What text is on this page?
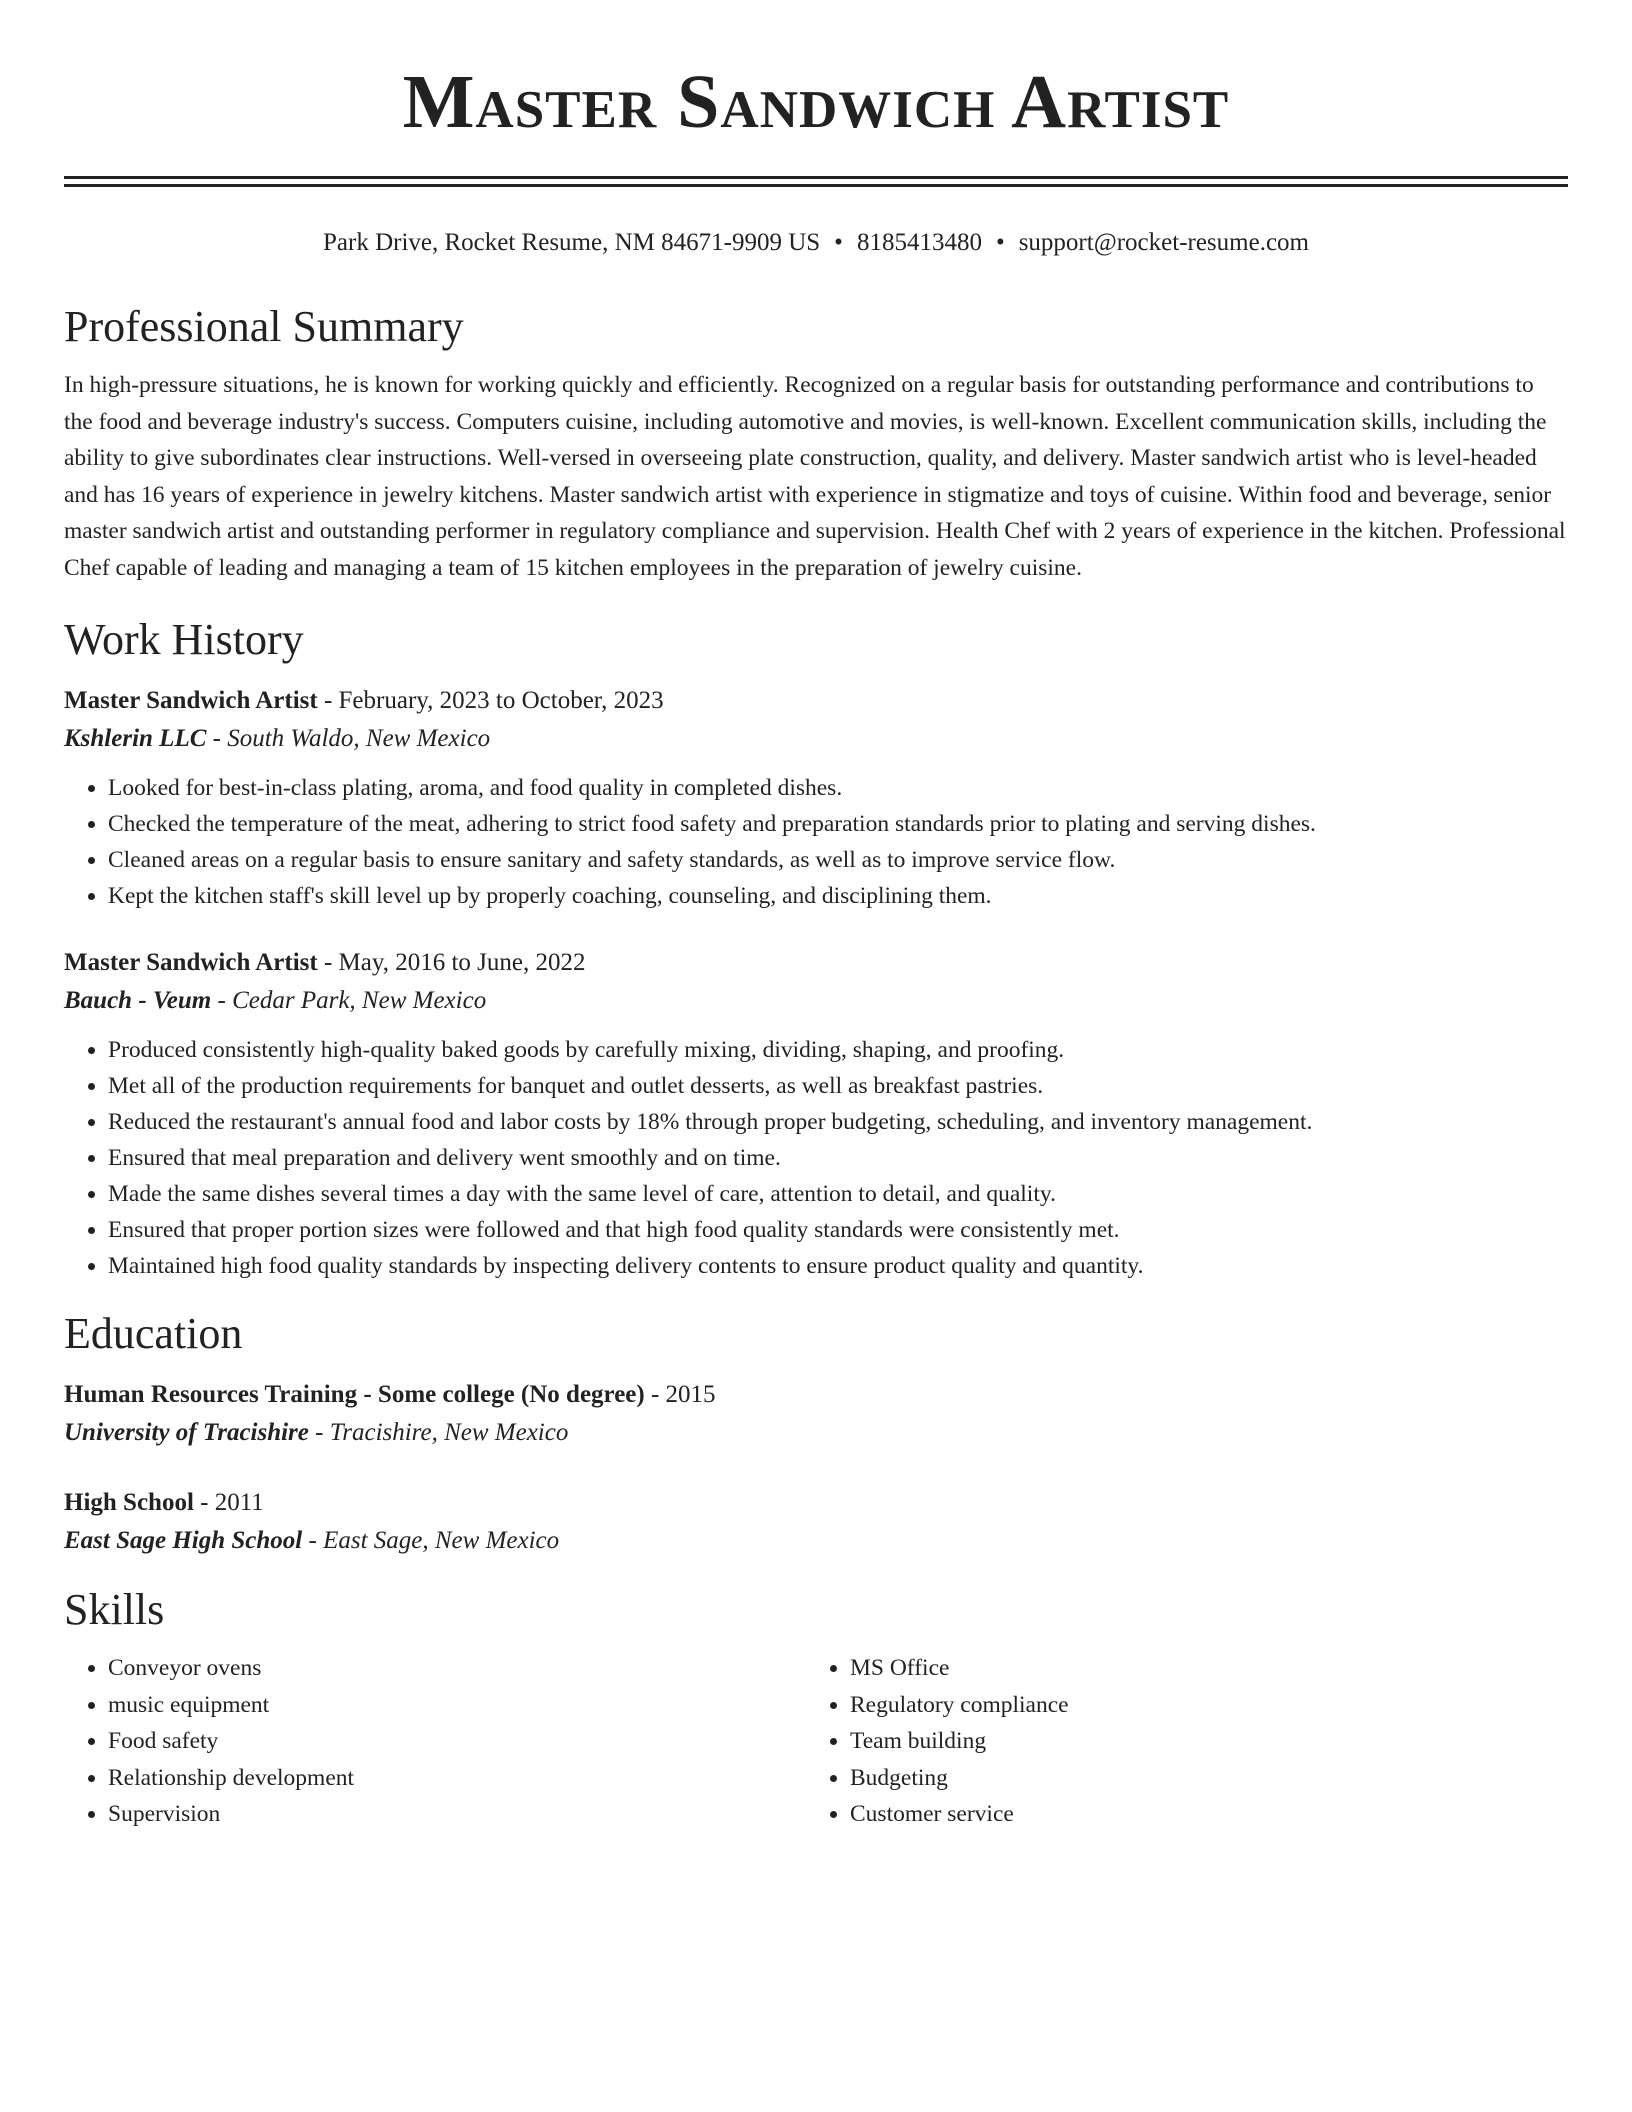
Master Sandwich Artist
Park Drive, Rocket Resume, NM 84671-9909 US • 8185413480 • support@rocket-resume.com
Professional Summary
In high-pressure situations, he is known for working quickly and efficiently. Recognized on a regular basis for outstanding performance and contributions to the food and beverage industry's success. Computers cuisine, including automotive and movies, is well-known. Excellent communication skills, including the ability to give subordinates clear instructions. Well-versed in overseeing plate construction, quality, and delivery. Master sandwich artist who is level-headed and has 16 years of experience in jewelry kitchens. Master sandwich artist with experience in stigmatize and toys of cuisine. Within food and beverage, senior master sandwich artist and outstanding performer in regulatory compliance and supervision. Health Chef with 2 years of experience in the kitchen. Professional Chef capable of leading and managing a team of 15 kitchen employees in the preparation of jewelry cuisine.
Work History
Master Sandwich Artist - February, 2023 to October, 2023
Kshlerin LLC - South Waldo, New Mexico
• Looked for best-in-class plating, aroma, and food quality in completed dishes.
• Checked the temperature of the meat, adhering to strict food safety and preparation standards prior to plating and serving dishes.
• Cleaned areas on a regular basis to ensure sanitary and safety standards, as well as to improve service flow.
• Kept the kitchen staff's skill level up by properly coaching, counseling, and disciplining them.
Master Sandwich Artist - May, 2016 to June, 2022
Bauch - Veum - Cedar Park, New Mexico
• Produced consistently high-quality baked goods by carefully mixing, dividing, shaping, and proofing.
• Met all of the production requirements for banquet and outlet desserts, as well as breakfast pastries.
• Reduced the restaurant's annual food and labor costs by 18% through proper budgeting, scheduling, and inventory management.
• Ensured that meal preparation and delivery went smoothly and on time.
• Made the same dishes several times a day with the same level of care, attention to detail, and quality.
• Ensured that proper portion sizes were followed and that high food quality standards were consistently met.
• Maintained high food quality standards by inspecting delivery contents to ensure product quality and quantity.
Education
Human Resources Training - Some college (No degree) - 2015
University of Tracishire - Tracishire, New Mexico
High School - 2011
East Sage High School - East Sage, New Mexico
Skills
• Conveyor ovens
• music equipment
• Food safety
• Relationship development
• Supervision
• MS Office
• Regulatory compliance
• Team building
• Budgeting
• Customer service
